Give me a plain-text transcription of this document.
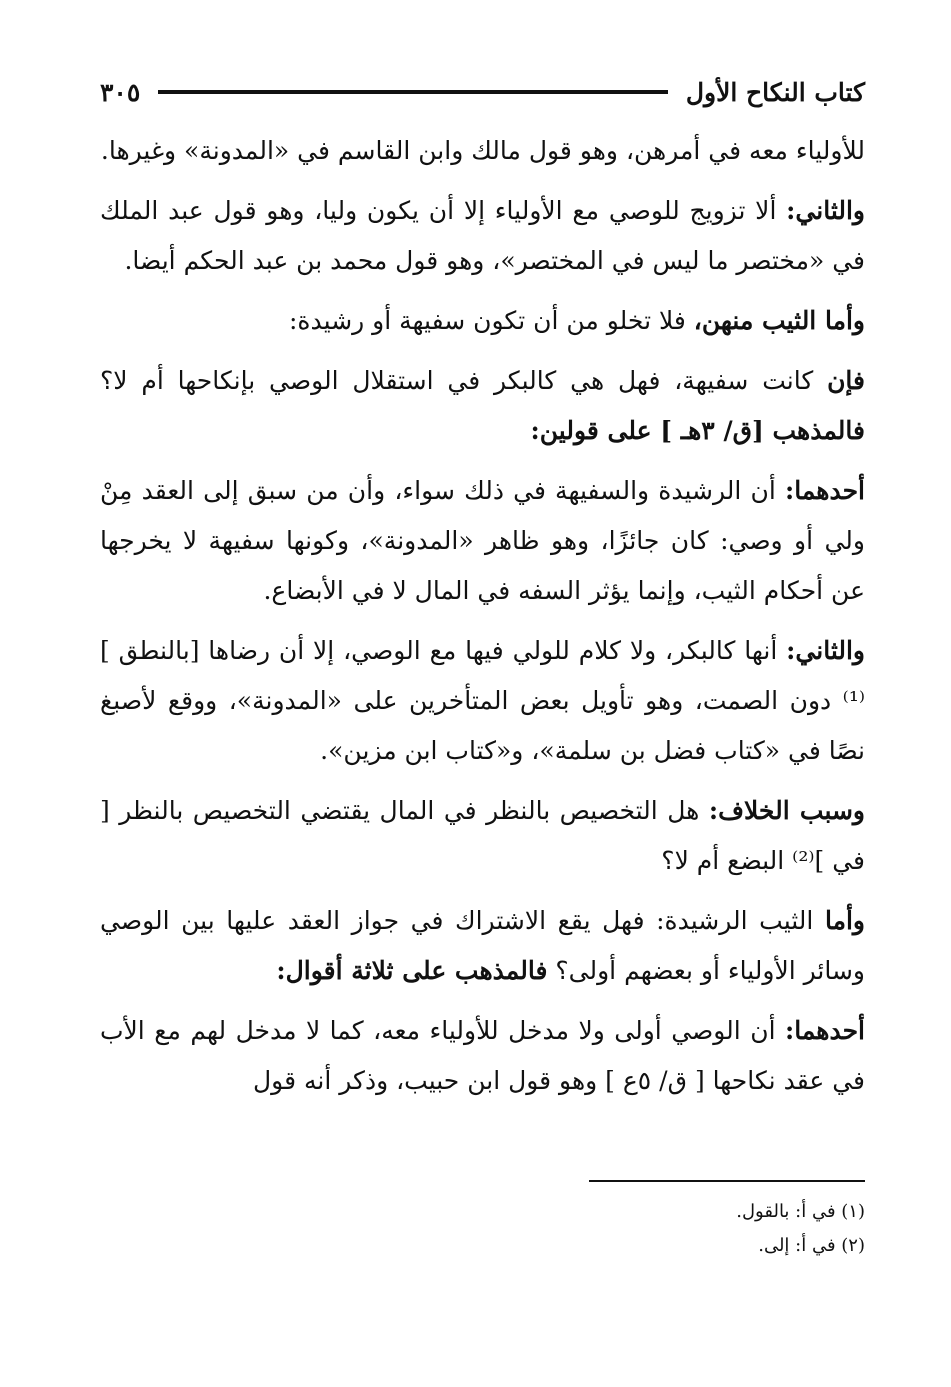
كتاب النكاح الأول
٣٠٥

للأولياء معه في أمرهن، وهو قول مالك وابن القاسم في «المدونة» وغيرها.

والثاني: ألا تزويج للوصي مع الأولياء إلا أن يكون وليا، وهو قول عبد الملك في «مختصر ما ليس في المختصر»، وهو قول محمد بن عبد الحكم أيضا.

وأما الثيب منهن، فلا تخلو من أن تكون سفيهة أو رشيدة:

فإن كانت سفيهة، فهل هي كالبكر في استقلال الوصي بإنكاحها أم لا؟ فالمذهب [ق/ ٣هـ ] على قولين:

أحدهما: أن الرشيدة والسفيهة في ذلك سواء، وأن من سبق إلى العقد مِنْ ولي أو وصي: كان جائزًا، وهو ظاهر «المدونة»، وكونها سفيهة لا يخرجها عن أحكام الثيب، وإنما يؤثر السفه في المال لا في الأبضاع.

والثاني: أنها كالبكر، ولا كلام للولي فيها مع الوصي، إلا أن رضاها [بالنطق ]⁽¹⁾ دون الصمت، وهو تأويل بعض المتأخرين على «المدونة»، ووقع لأصبغ نصًا في «كتاب فضل بن سلمة»، و«كتاب ابن مزين».

وسبب الخلاف: هل التخصيص بالنظر في المال يقتضي التخصيص بالنظر [ في ]⁽²⁾ البضع أم لا؟

وأما الثيب الرشيدة: فهل يقع الاشتراك في جواز العقد عليها بين الوصي وسائر الأولياء أو بعضهم أولى؟ فالمذهب على ثلاثة أقوال:

أحدهما: أن الوصي أولى ولا مدخل للأولياء معه، كما لا مدخل لهم مع الأب في عقد نكاحها [ ق/ ٥ع ] وهو قول ابن حبيب، وذكر أنه قول

(١) في أ: بالقول.

(٢) في أ: إلى.
